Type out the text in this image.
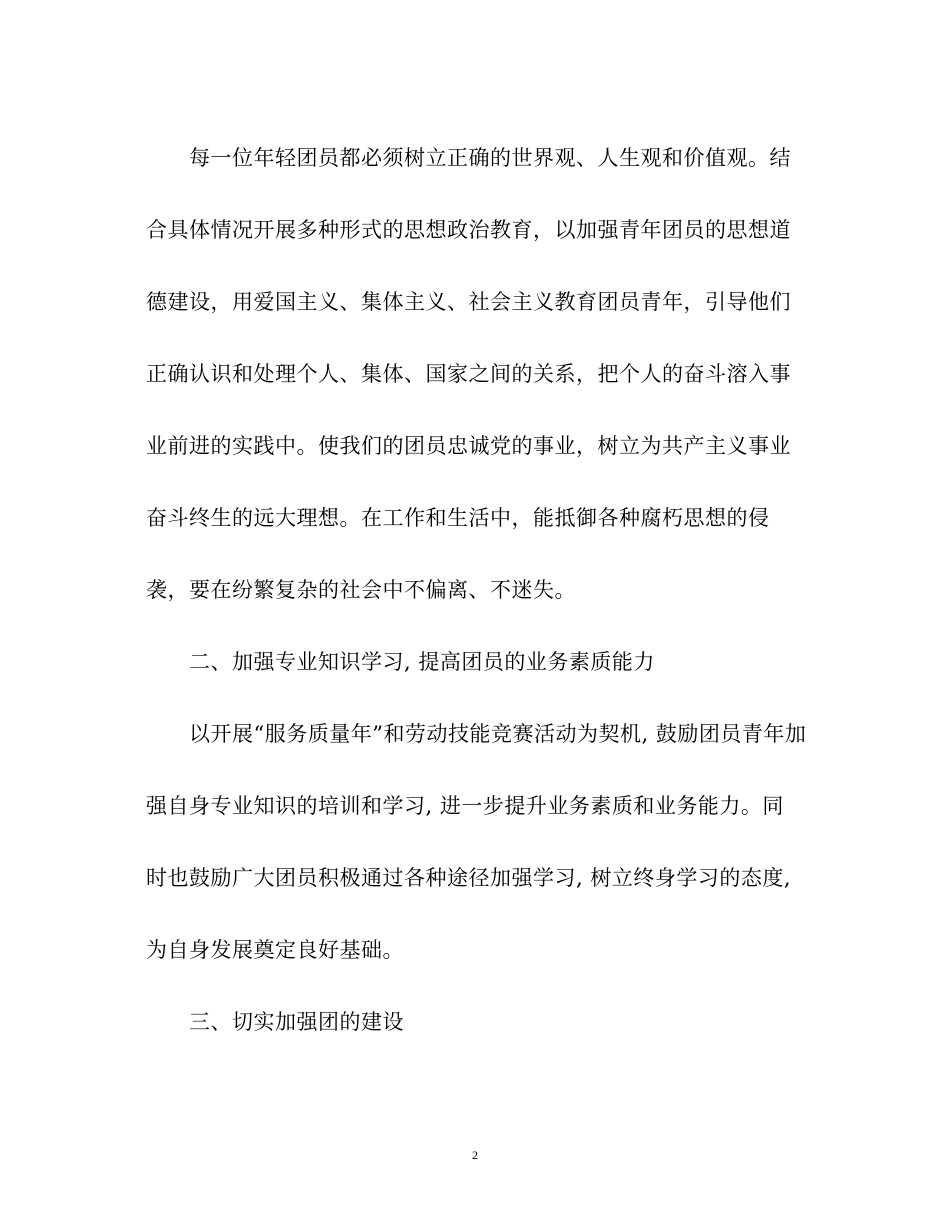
每一位年轻团员都必须树立正确的世界观、人生观和价值观。结
合具体情况开展多种形式的思想政治教育，以加强青年团员的思想道
德建设，用爱国主义、集体主义、社会主义教育团员青年，引导他们
正确认识和处理个人、集体、国家之间的关系，把个人的奋斗溶入事
业前进的实践中。使我们的团员忠诚党的事业，树立为共产主义事业
奋斗终生的远大理想。在工作和生活中，能抵御各种腐朽思想的侵
袭，要在纷繁复杂的社会中不偏离、不迷失。
二、加强专业知识学习, 提高团员的业务素质能力
以开展“服务质量年”和劳动技能竞赛活动为契机, 鼓励团员青年加
强自身专业知识的培训和学习, 进一步提升业务素质和业务能力。同
时也鼓励广大团员积极通过各种途径加强学习, 树立终身学习的态度,
为自身发展奠定良好基础。
三、切实加强团的建设
2
